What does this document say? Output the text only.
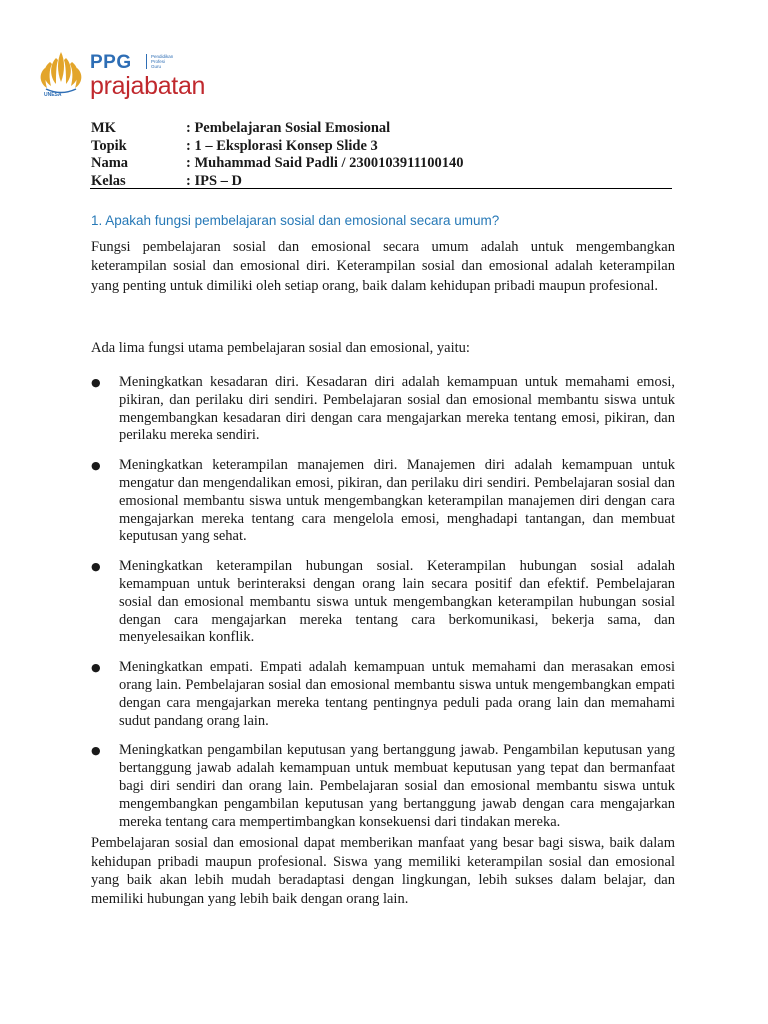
PPG	Pendidikan
Profesi
Guru
prajabatan
UNESA
MK	: Pembelajaran Sosial Emosional
Topik	: 1 – Eksplorasi Konsep Slide 3
Nama	: Muhammad Said Padli / 2300103911100140
Kelas	: IPS – D
1. Apakah fungsi pembelajaran sosial dan emosional secara umum?

Fungsi pembelajaran sosial dan emosional secara umum adalah untuk mengembangkan keterampilan sosial dan emosional diri. Keterampilan sosial dan emosional adalah keterampilan yang penting untuk dimiliki oleh setiap orang, baik dalam kehidupan pribadi maupun profesional.

Ada lima fungsi utama pembelajaran sosial dan emosional, yaitu:

● Meningkatkan kesadaran diri. Kesadaran diri adalah kemampuan untuk memahami emosi, pikiran, dan perilaku diri sendiri. Pembelajaran sosial dan emosional membantu siswa untuk mengembangkan kesadaran diri dengan cara mengajarkan mereka tentang emosi, pikiran, dan perilaku mereka sendiri.
● Meningkatkan keterampilan manajemen diri. Manajemen diri adalah kemampuan untuk mengatur dan mengendalikan emosi, pikiran, dan perilaku diri sendiri. Pembelajaran sosial dan emosional membantu siswa untuk mengembangkan keterampilan manajemen diri dengan cara mengajarkan mereka tentang cara mengelola emosi, menghadapi tantangan, dan membuat keputusan yang sehat.
● Meningkatkan keterampilan hubungan sosial. Keterampilan hubungan sosial adalah kemampuan untuk berinteraksi dengan orang lain secara positif dan efektif. Pembelajaran sosial dan emosional membantu siswa untuk mengembangkan keterampilan hubungan sosial dengan cara mengajarkan mereka tentang cara berkomunikasi, bekerja sama, dan menyelesaikan konflik.
● Meningkatkan empati. Empati adalah kemampuan untuk memahami dan merasakan emosi orang lain. Pembelajaran sosial dan emosional membantu siswa untuk mengembangkan empati dengan cara mengajarkan mereka tentang pentingnya peduli pada orang lain dan memahami sudut pandang orang lain.
● Meningkatkan pengambilan keputusan yang bertanggung jawab. Pengambilan keputusan yang bertanggung jawab adalah kemampuan untuk membuat keputusan yang tepat dan bermanfaat bagi diri sendiri dan orang lain. Pembelajaran sosial dan emosional membantu siswa untuk mengembangkan pengambilan keputusan yang bertanggung jawab dengan cara mengajarkan mereka tentang cara mempertimbangkan konsekuensi dari tindakan mereka.

Pembelajaran sosial dan emosional dapat memberikan manfaat yang besar bagi siswa, baik dalam kehidupan pribadi maupun profesional. Siswa yang memiliki keterampilan sosial dan emosional yang baik akan lebih mudah beradaptasi dengan lingkungan, lebih sukses dalam belajar, dan memiliki hubungan yang lebih baik dengan orang lain.
